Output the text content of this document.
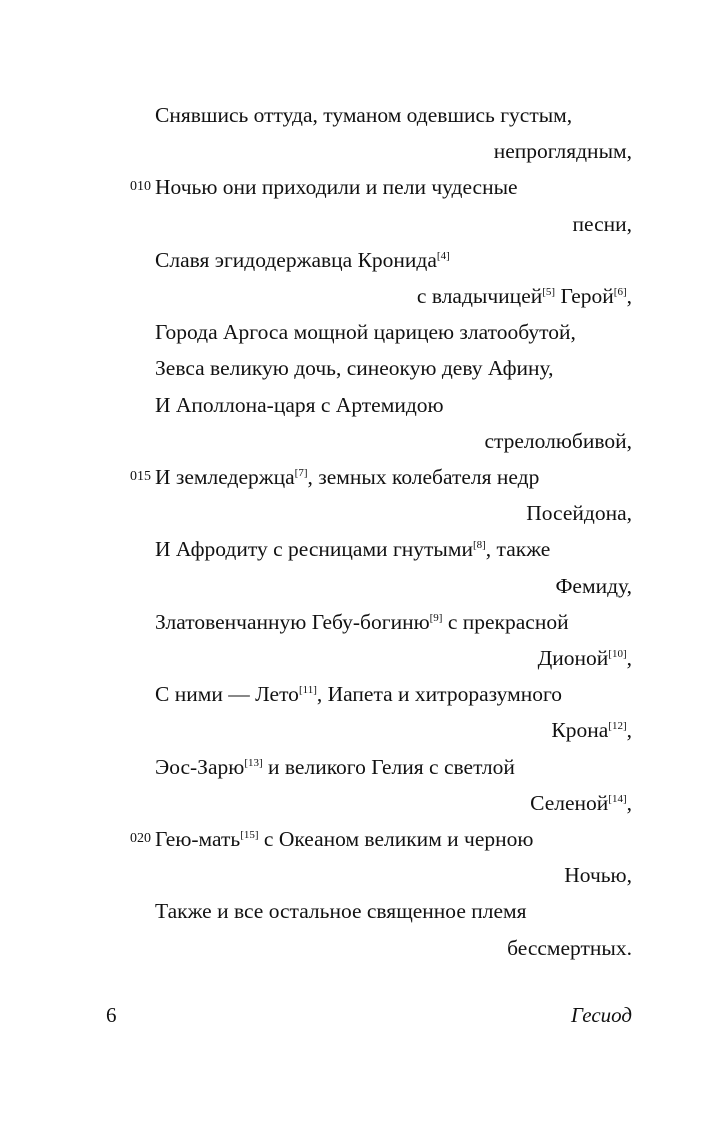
Снявшись оттуда, туманом одевшись густым,
непроглядным,
010 Ночью они приходили и пели чудесные
песни,
Славя эгидодержавца Кронида[4]
с владычицей[5] Герой[6],
Города Аргоса мощной царицею златообутой,
Зевса великую дочь, синеокую деву Афину,
И Аполлона-царя с Артемидою
стрелолюбивой,
015 И земледержца[7], земных колебателя недр
Посейдона,
И Афродиту с ресницами гнутыми[8], также
Фемиду,
Златовенчанную Гебу-богиню[9] с прекрасной
Дионой[10],
С ними — Лето[11], Иапета и хитроразумного
Крона[12],
Эос-Зарю[13] и великого Гелия с светлой
Селеной[14],
020 Гею-мать[15] с Океаном великим и черною
Ночью,
Также и все остальное священное племя
бессмертных.
6	Гесиод
